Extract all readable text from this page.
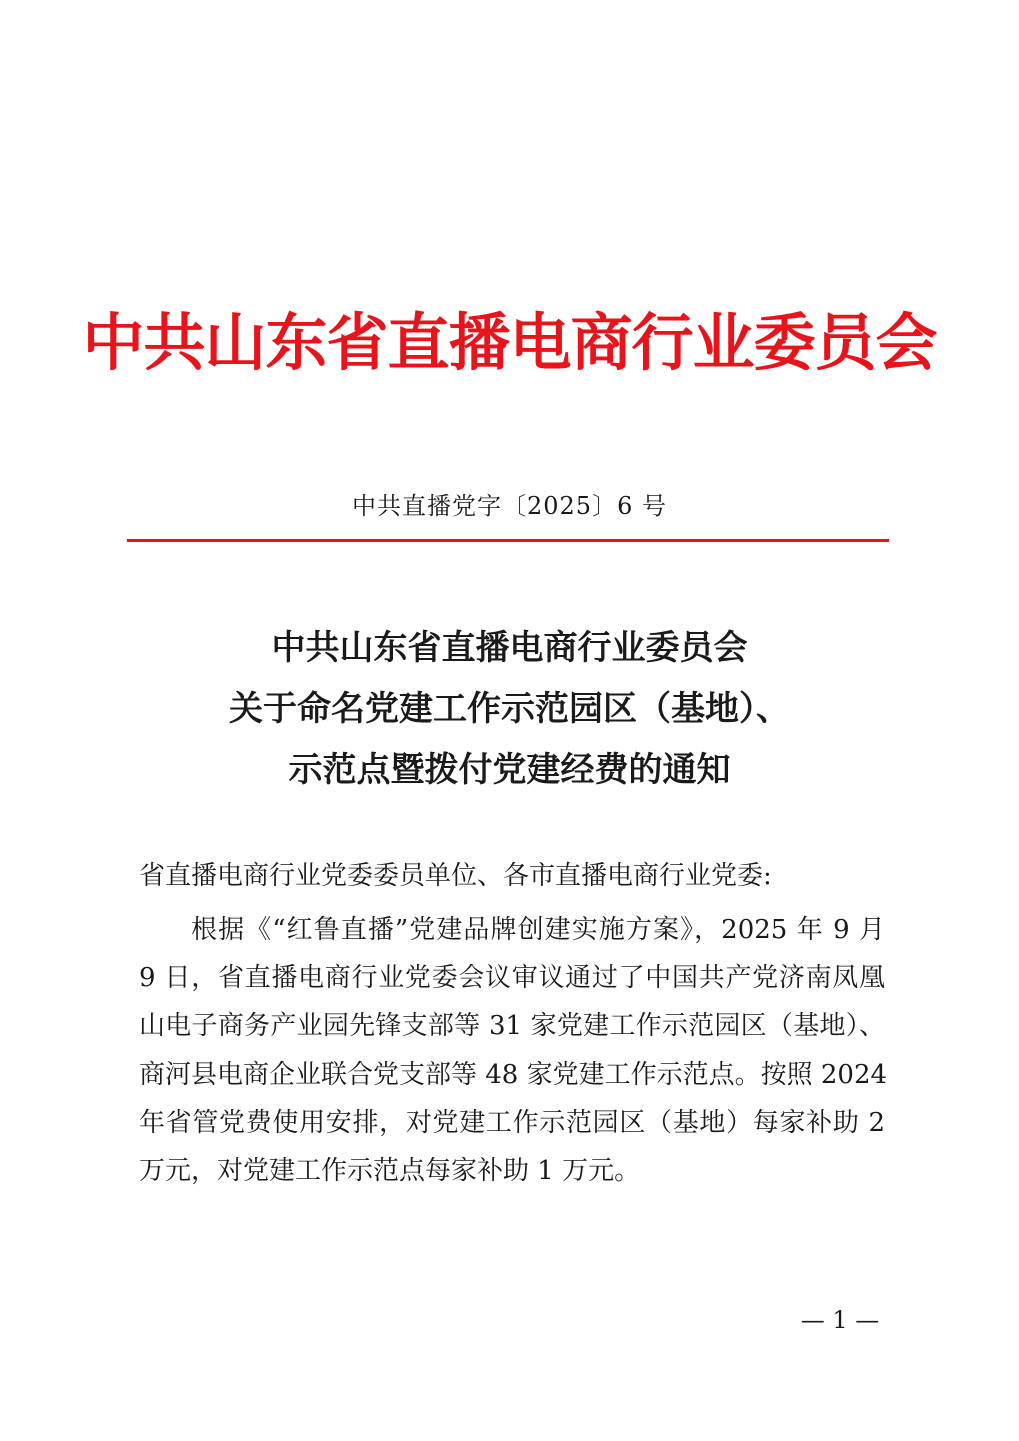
中共山东省直播电商行业委员会
中共直播党字〔2025〕6 号
中共山东省直播电商行业委员会
关于命名党建工作示范园区（基地）、
示范点暨拨付党建经费的通知
省直播电商行业党委委员单位、各市直播电商行业党委:
根据《“红鲁直播”党建品牌创建实施方案》，2025 年 9 月
9 日，省直播电商行业党委会议审议通过了中国共产党济南凤凰
山电子商务产业园先锋支部等 31 家党建工作示范园区（基地）、
商河县电商企业联合党支部等 48 家党建工作示范点。按照 2024
年省管党费使用安排，对党建工作示范园区（基地）每家补助 2
万元，对党建工作示范点每家补助 1 万元。
— 1 —
